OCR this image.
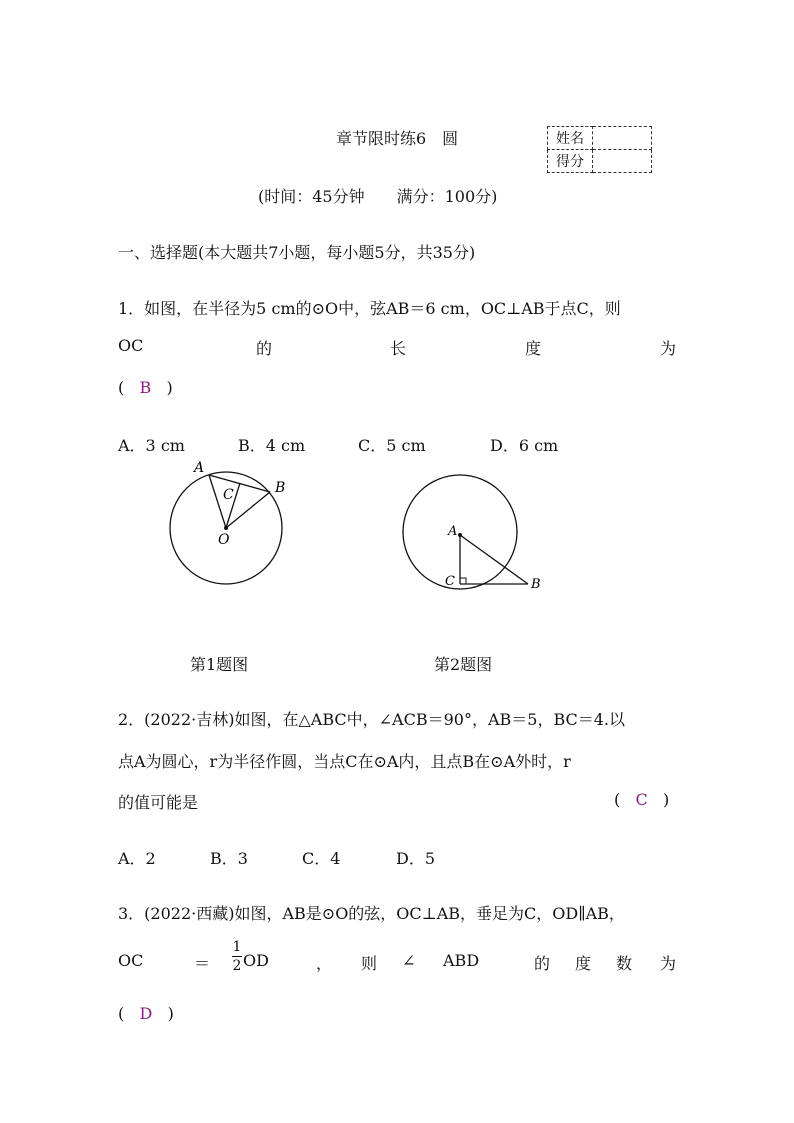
章节限时练6　圆	姓名	
得分	
(时间：45分钟　　满分：100分)
一、选择题(本大题共7小题，每小题5分，共35分)
1．如图，在半径为5 cm的⊙O中，弦AB＝6 cm，OC⊥AB于点C，则
OC	的	长	度	为
(   B   )
A．3 cm	B．4 cm	C．5 cm	D．6 cm
A
B
C
O
A
C	B
第1题图	第2题图
2．(2022·吉林)如图，在△ABC中，∠ACB＝90°，AB＝5，BC＝4.以
点A为圆心，r为半径作圆，当点C在⊙A内，且点B在⊙A外时，r
的值可能是	(   C   )
A．2	B．3	C．4	D．5
3．(2022·西藏)如图，AB是⊙O的弦，OC⊥AB，垂足为C，OD∥AB，
OC	＝
1
2 OD	， 则 ∠ ABD	的 度 数 为
(   D   )
